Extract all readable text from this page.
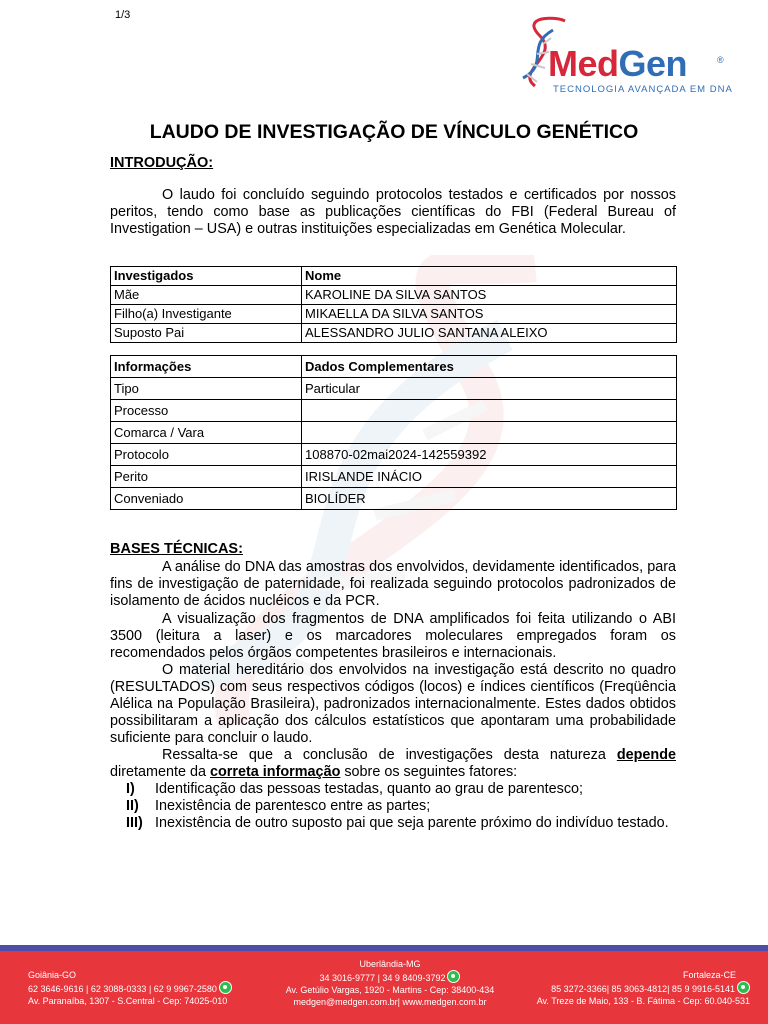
1/3
MedGen	®
TECNOLOGIA AVANÇADA EM DNA
LAUDO DE INVESTIGAÇÃO DE VÍNCULO GENÉTICO
INTRODUÇÃO:

O laudo foi concluído seguindo protocolos testados e certificados por nossos peritos, tendo como base as publicações científicas do FBI (Federal Bureau of Investigation – USA) e outras instituições especializadas em Genética Molecular.

Investigados	Nome
Mãe	KAROLINE DA SILVA SANTOS
Filho(a) Investigante	MIKAELLA DA SILVA SANTOS
Suposto Pai	ALESSANDRO JULIO SANTANA ALEIXO
Informações	Dados Complementares
Tipo	Particular
Processo	
Comarca / Vara	
Protocolo	108870-02mai2024-142559392
Perito	IRISLANDE INÁCIO
Conveniado	BIOLÍDER
BASES TÉCNICAS:

A análise do DNA das amostras dos envolvidos, devidamente identificados, para fins de investigação de paternidade, foi realizada seguindo protocolos padronizados de isolamento de ácidos nucléicos e da PCR.

A visualização dos fragmentos de DNA amplificados foi feita utilizando o ABI 3500 (leitura a laser) e os marcadores moleculares empregados foram os recomendados pelos órgãos competentes brasileiros e internacionais.

O material hereditário dos envolvidos na investigação está descrito no quadro (RESULTADOS) com seus respectivos códigos (locos) e índices científicos (Freqüência Alélica na População Brasileira), padronizados internacionalmente. Estes dados obtidos possibilitaram a aplicação dos cálculos estatísticos que apontaram uma probabilidade suficiente para concluir o laudo.

Ressalta-se que a conclusão de investigações desta natureza depende diretamente da correta informação sobre os seguintes fatores:

I) Identificação das pessoas testadas, quanto ao grau de parentesco;
II) Inexistência de parentesco entre as partes;
III) Inexistência de outro suposto pai que seja parente próximo do indivíduo testado.
Goiânia-GO
62 3646-9616 | 62 3088-0333 | 62 9 9967-2580
Av. Paranaíba, 1307 - S.Central - Cep: 74025-010
Uberlândia-MG
34 3016-9777 | 34 9 8409-3792
Av. Getúlio Vargas, 1920 - Martins - Cep: 38400-434
medgen@medgen.com.br| www.medgen.com.br
Fortaleza-CE
85 3272-3366| 85 3063-4812| 85 9 9916-5141
Av. Treze de Maio, 133 - B. Fátima - Cep: 60.040-531
